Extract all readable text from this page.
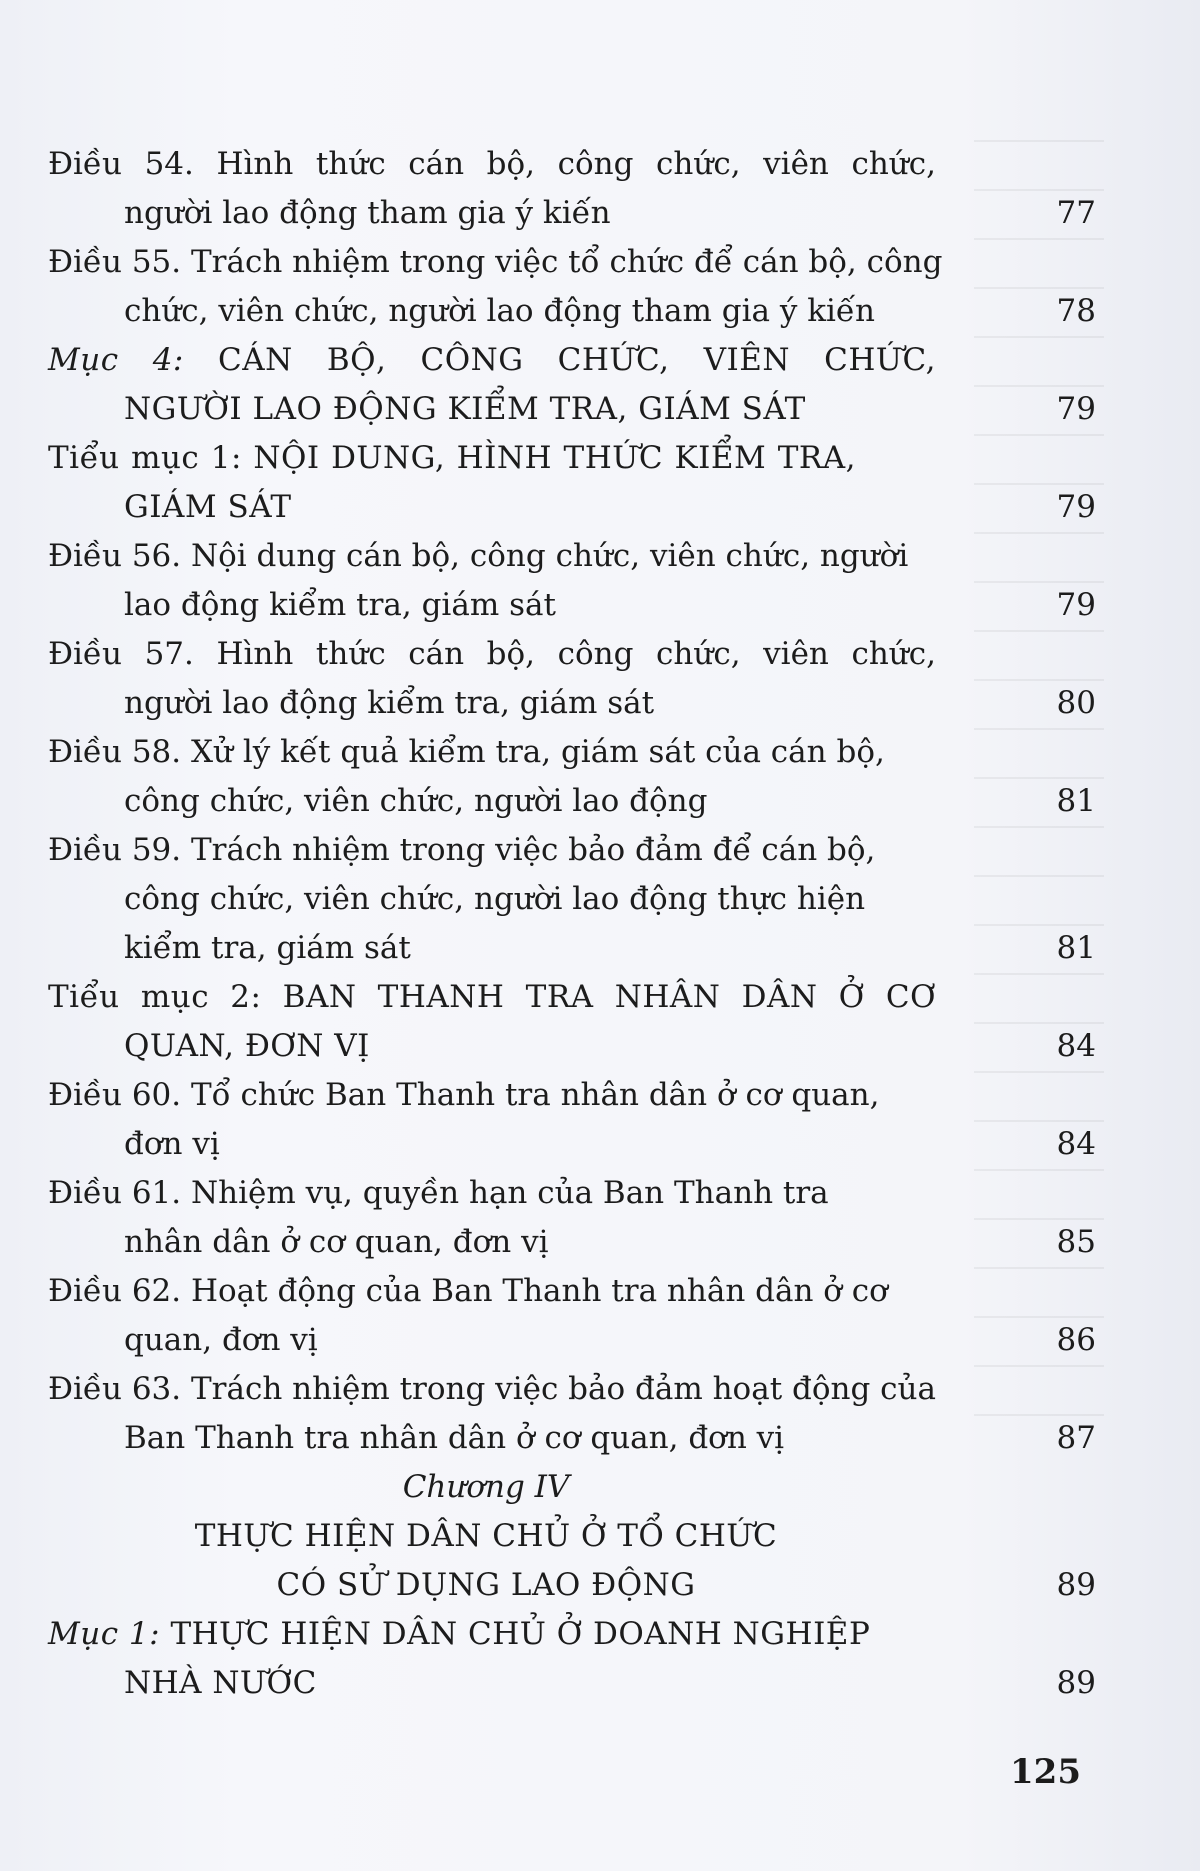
Điều 54. Hình thức cán bộ, công chức, viên chức,
người lao động tham gia ý kiến	77
Điều 55. Trách nhiệm trong việc tổ chức để cán bộ, công
chức, viên chức, người lao động tham gia ý kiến	78
Mục 4: CÁN BỘ, CÔNG CHỨC, VIÊN CHỨC,
NGƯỜI LAO ĐỘNG KIỂM TRA, GIÁM SÁT	79
Tiểu mục 1: NỘI DUNG, HÌNH THỨC KIỂM TRA,
GIÁM SÁT	79
Điều 56. Nội dung cán bộ, công chức, viên chức, người
lao động kiểm tra, giám sát	79
Điều 57. Hình thức cán bộ, công chức, viên chức,
người lao động kiểm tra, giám sát	80
Điều 58. Xử lý kết quả kiểm tra, giám sát của cán bộ,
công chức, viên chức, người lao động	81
Điều 59. Trách nhiệm trong việc bảo đảm để cán bộ,
công chức, viên chức, người lao động thực hiện
kiểm tra, giám sát	81
Tiểu mục 2: BAN THANH TRA NHÂN DÂN Ở CƠ
QUAN, ĐƠN VỊ	84
Điều 60. Tổ chức Ban Thanh tra nhân dân ở cơ quan,
đơn vị	84
Điều 61. Nhiệm vụ, quyền hạn của Ban Thanh tra
nhân dân ở cơ quan, đơn vị	85
Điều 62. Hoạt động của Ban Thanh tra nhân dân ở cơ
quan, đơn vị	86
Điều 63. Trách nhiệm trong việc bảo đảm hoạt động của
Ban Thanh tra nhân dân ở cơ quan, đơn vị	87
Chương IV
THỰC HIỆN DÂN CHỦ Ở TỔ CHỨC
CÓ SỬ DỤNG LAO ĐỘNG	89
Mục 1: THỰC HIỆN DÂN CHỦ Ở DOANH NGHIỆP
NHÀ NƯỚC	89
125
